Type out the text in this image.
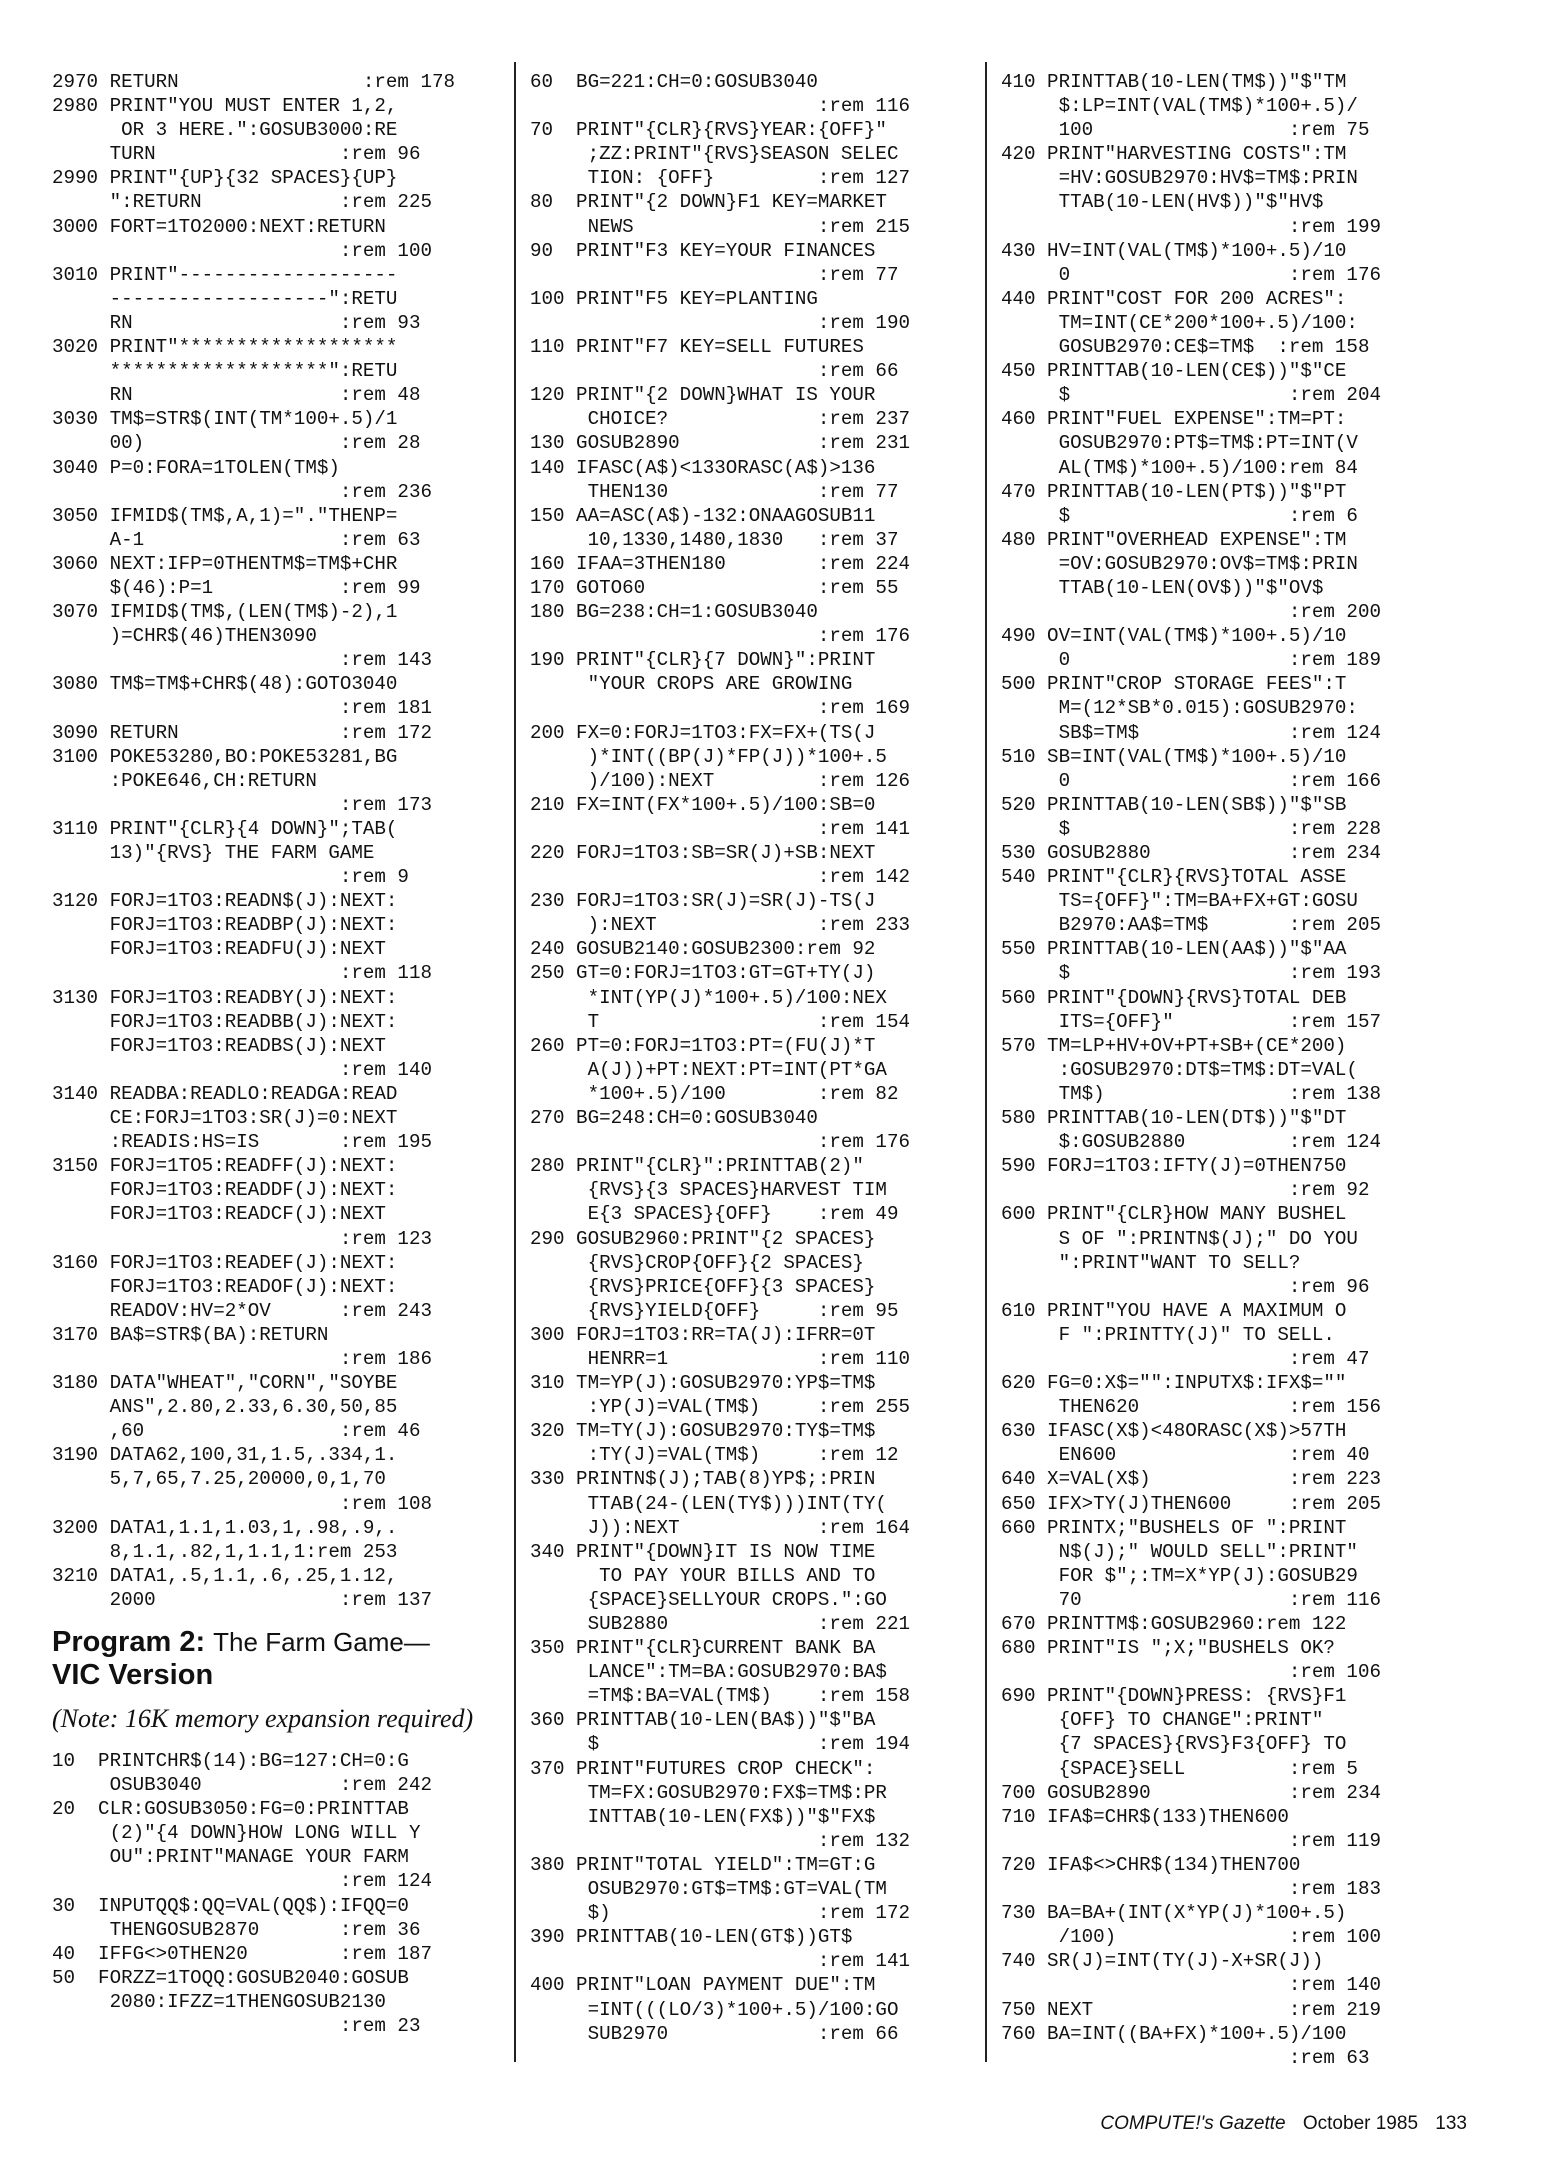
2970 RETURN                :rem 178
2980 PRINT"YOU MUST ENTER 1,2,
OR 3 HERE.":GOSUB3000:RE
TURN                :rem 96
2990 PRINT"{UP}{32 SPACES}{UP}
":RETURN            :rem 225
3000 FORT=1TO2000:NEXT:RETURN
:rem 100
3010 PRINT"-------------------
-------------------":RETU
RN                  :rem 93
3020 PRINT"*******************
*******************":RETU
RN                  :rem 48
3030 TM$=STR$(INT(TM*100+.5)/1
00)                 :rem 28
3040 P=0:FORA=1TOLEN(TM$)
:rem 236
3050 IFMID$(TM$,A,1)="."THENP=
A-1                 :rem 63
3060 NEXT:IFP=0THENTM$=TM$+CHR
$(46):P=1           :rem 99
3070 IFMID$(TM$,(LEN(TM$)-2),1
)=CHR$(46)THEN3090
:rem 143
3080 TM$=TM$+CHR$(48):GOTO3040
:rem 181
3090 RETURN              :rem 172
3100 POKE53280,BO:POKE53281,BG
:POKE646,CH:RETURN
:rem 173
3110 PRINT"{CLR}{4 DOWN}";TAB(
13)"{RVS} THE FARM GAME
:rem 9
3120 FORJ=1TO3:READN$(J):NEXT:
FORJ=1TO3:READBP(J):NEXT:
FORJ=1TO3:READFU(J):NEXT
:rem 118
3130 FORJ=1TO3:READBY(J):NEXT:
FORJ=1TO3:READBB(J):NEXT:
FORJ=1TO3:READBS(J):NEXT
:rem 140
3140 READBA:READLO:READGA:READ
CE:FORJ=1TO3:SR(J)=0:NEXT
:READIS:HS=IS       :rem 195
3150 FORJ=1TO5:READFF(J):NEXT:
FORJ=1TO3:READDF(J):NEXT:
FORJ=1TO3:READCF(J):NEXT
:rem 123
3160 FORJ=1TO3:READEF(J):NEXT:
FORJ=1TO3:READOF(J):NEXT:
READOV:HV=2*OV      :rem 243
3170 BA$=STR$(BA):RETURN
:rem 186
3180 DATA"WHEAT","CORN","SOYBE
ANS",2.80,2.33,6.30,50,85
,60                 :rem 46
3190 DATA62,100,31,1.5,.334,1.
5,7,65,7.25,20000,0,1,70
:rem 108
3200 DATA1,1.1,1.03,1,.98,.9,.
8,1.1,.82,1,1.1,1:rem 253
3210 DATA1,.5,1.1,.6,.25,1.12,
2000                :rem 137
Program 2: The Farm Game—
VIC Version
(Note: 16K memory expansion required)
10  PRINTCHR$(14):BG=127:CH=0:G
OSUB3040            :rem 242
20  CLR:GOSUB3050:FG=0:PRINTTAB
(2)"{4 DOWN}HOW LONG WILL Y
OU":PRINT"MANAGE YOUR FARM
:rem 124
30  INPUTQQ$:QQ=VAL(QQ$):IFQQ=0
THENGOSUB2870       :rem 36
40  IFFG<>0THEN20        :rem 187
50  FORZZ=1TOQQ:GOSUB2040:GOSUB
2080:IFZZ=1THENGOSUB2130
:rem 23
60  BG=221:CH=0:GOSUB3040
:rem 116
70  PRINT"{CLR}{RVS}YEAR:{OFF}"
;ZZ:PRINT"{RVS}SEASON SELEC
TION: {OFF}         :rem 127
80  PRINT"{2 DOWN}F1 KEY=MARKET
NEWS                :rem 215
90  PRINT"F3 KEY=YOUR FINANCES
:rem 77
100 PRINT"F5 KEY=PLANTING
:rem 190
110 PRINT"F7 KEY=SELL FUTURES
:rem 66
120 PRINT"{2 DOWN}WHAT IS YOUR
CHOICE?             :rem 237
130 GOSUB2890            :rem 231
140 IFASC(A$)<133ORASC(A$)>136
THEN130             :rem 77
150 AA=ASC(A$)-132:ONAAGOSUB11
10,1330,1480,1830   :rem 37
160 IFAA=3THEN180        :rem 224
170 GOTO60               :rem 55
180 BG=238:CH=1:GOSUB3040
:rem 176
190 PRINT"{CLR}{7 DOWN}":PRINT
"YOUR CROPS ARE GROWING
:rem 169
200 FX=0:FORJ=1TO3:FX=FX+(TS(J
)*INT((BP(J)*FP(J))*100+.5
)/100):NEXT         :rem 126
210 FX=INT(FX*100+.5)/100:SB=0
:rem 141
220 FORJ=1TO3:SB=SR(J)+SB:NEXT
:rem 142
230 FORJ=1TO3:SR(J)=SR(J)-TS(J
):NEXT              :rem 233
240 GOSUB2140:GOSUB2300:rem 92
250 GT=0:FORJ=1TO3:GT=GT+TY(J)
*INT(YP(J)*100+.5)/100:NEX
T                   :rem 154
260 PT=0:FORJ=1TO3:PT=(FU(J)*T
A(J))+PT:NEXT:PT=INT(PT*GA
*100+.5)/100        :rem 82
270 BG=248:CH=0:GOSUB3040
:rem 176
280 PRINT"{CLR}":PRINTTAB(2)"
{RVS}{3 SPACES}HARVEST TIM
E{3 SPACES}{OFF}    :rem 49
290 GOSUB2960:PRINT"{2 SPACES}
{RVS}CROP{OFF}{2 SPACES}
{RVS}PRICE{OFF}{3 SPACES}
{RVS}YIELD{OFF}     :rem 95
300 FORJ=1TO3:RR=TA(J):IFRR=0T
HENRR=1             :rem 110
310 TM=YP(J):GOSUB2970:YP$=TM$
:YP(J)=VAL(TM$)     :rem 255
320 TM=TY(J):GOSUB2970:TY$=TM$
:TY(J)=VAL(TM$)     :rem 12
330 PRINTN$(J);TAB(8)YP$;:PRIN
TTAB(24-(LEN(TY$)))INT(TY(
J)):NEXT            :rem 164
340 PRINT"{DOWN}IT IS NOW TIME
TO PAY YOUR BILLS AND TO
{SPACE}SELLYOUR CROPS.":GO
SUB2880             :rem 221
350 PRINT"{CLR}CURRENT BANK BA
LANCE":TM=BA:GOSUB2970:BA$
=TM$:BA=VAL(TM$)    :rem 158
360 PRINTTAB(10-LEN(BA$))"$"BA
$                   :rem 194
370 PRINT"FUTURES CROP CHECK":
TM=FX:GOSUB2970:FX$=TM$:PR
INTTAB(10-LEN(FX$))"$"FX$
:rem 132
380 PRINT"TOTAL YIELD":TM=GT:G
OSUB2970:GT$=TM$:GT=VAL(TM
$)                  :rem 172
390 PRINTTAB(10-LEN(GT$))GT$
:rem 141
400 PRINT"LOAN PAYMENT DUE":TM
=INT(((LO/3)*100+.5)/100:GO
SUB2970             :rem 66
410 PRINTTAB(10-LEN(TM$))"$"TM
$:LP=INT(VAL(TM$)*100+.5)/
100                 :rem 75
420 PRINT"HARVESTING COSTS":TM
=HV:GOSUB2970:HV$=TM$:PRIN
TTAB(10-LEN(HV$))"$"HV$
:rem 199
430 HV=INT(VAL(TM$)*100+.5)/10
0                   :rem 176
440 PRINT"COST FOR 200 ACRES":
TM=INT(CE*200*100+.5)/100:
GOSUB2970:CE$=TM$  :rem 158
450 PRINTTAB(10-LEN(CE$))"$"CE
$                   :rem 204
460 PRINT"FUEL EXPENSE":TM=PT:
GOSUB2970:PT$=TM$:PT=INT(V
AL(TM$)*100+.5)/100:rem 84
470 PRINTTAB(10-LEN(PT$))"$"PT
$                   :rem 6
480 PRINT"OVERHEAD EXPENSE":TM
=OV:GOSUB2970:OV$=TM$:PRIN
TTAB(10-LEN(OV$))"$"OV$
:rem 200
490 OV=INT(VAL(TM$)*100+.5)/10
0                   :rem 189
500 PRINT"CROP STORAGE FEES":T
M=(12*SB*0.015):GOSUB2970:
SB$=TM$             :rem 124
510 SB=INT(VAL(TM$)*100+.5)/10
0                   :rem 166
520 PRINTTAB(10-LEN(SB$))"$"SB
$                   :rem 228
530 GOSUB2880            :rem 234
540 PRINT"{CLR}{RVS}TOTAL ASSE
TS={OFF}":TM=BA+FX+GT:GOSU
B2970:AA$=TM$       :rem 205
550 PRINTTAB(10-LEN(AA$))"$"AA
$                   :rem 193
560 PRINT"{DOWN}{RVS}TOTAL DEB
ITS={OFF}"          :rem 157
570 TM=LP+HV+OV+PT+SB+(CE*200)
:GOSUB2970:DT$=TM$:DT=VAL(
TM$)                :rem 138
580 PRINTTAB(10-LEN(DT$))"$"DT
$:GOSUB2880         :rem 124
590 FORJ=1TO3:IFTY(J)=0THEN750
:rem 92
600 PRINT"{CLR}HOW MANY BUSHEL
S OF ":PRINTN$(J);" DO YOU
":PRINT"WANT TO SELL?
:rem 96
610 PRINT"YOU HAVE A MAXIMUM O
F ":PRINTTY(J)" TO SELL.
:rem 47
620 FG=0:X$="":INPUTX$:IFX$=""
THEN620             :rem 156
630 IFASC(X$)<48ORASC(X$)>57TH
EN600               :rem 40
640 X=VAL(X$)            :rem 223
650 IFX>TY(J)THEN600     :rem 205
660 PRINTX;"BUSHELS OF ":PRINT
N$(J);" WOULD SELL":PRINT"
FOR $";:TM=X*YP(J):GOSUB29
70                  :rem 116
670 PRINTTM$:GOSUB2960:rem 122
680 PRINT"IS ";X;"BUSHELS OK?
:rem 106
690 PRINT"{DOWN}PRESS: {RVS}F1
{OFF} TO CHANGE":PRINT"
{7 SPACES}{RVS}F3{OFF} TO
{SPACE}SELL         :rem 5
700 GOSUB2890            :rem 234
710 IFA$=CHR$(133)THEN600
:rem 119
720 IFA$<>CHR$(134)THEN700
:rem 183
730 BA=BA+(INT(X*YP(J)*100+.5)
/100)               :rem 100
740 SR(J)=INT(TY(J)-X+SR(J))
:rem 140
750 NEXT                 :rem 219
760 BA=INT((BA+FX)*100+.5)/100
:rem 63
COMPUTE!'s Gazette October 1985 133
